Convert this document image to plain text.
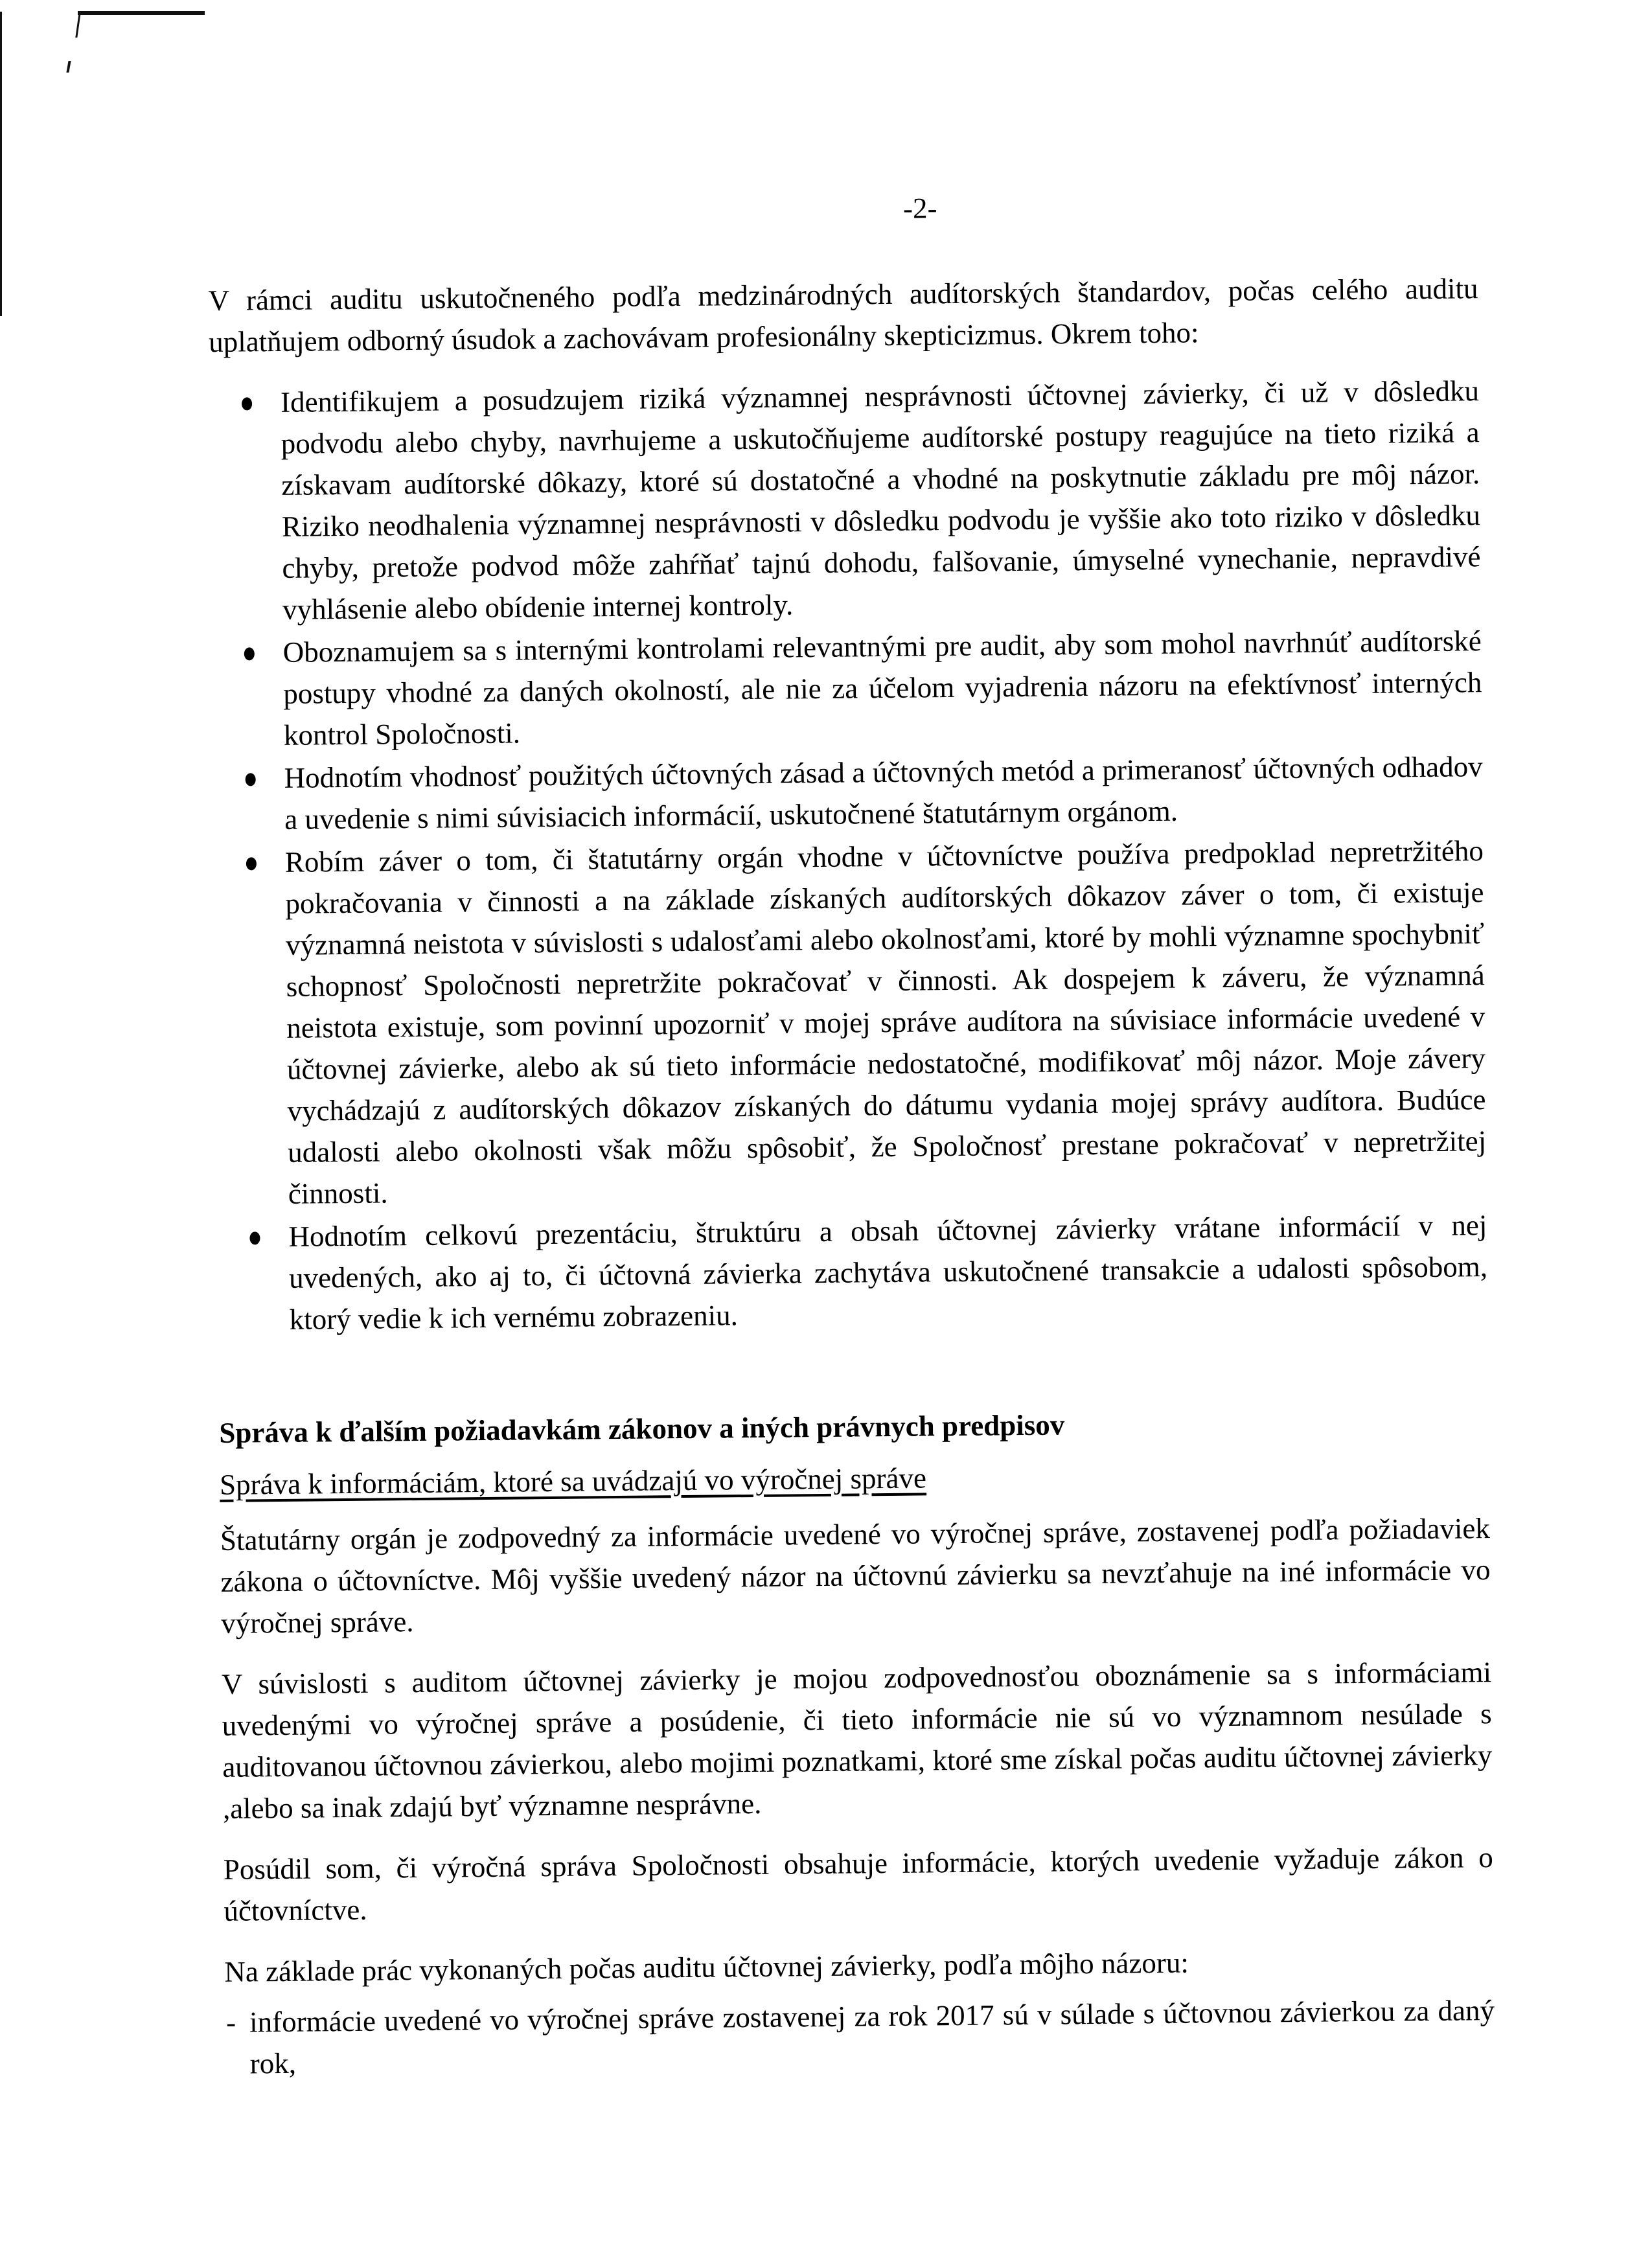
-2-

V rámci auditu uskutočneného podľa medzinárodných audítorských štandardov, počas celého auditu uplatňujem odborný úsudok a zachovávam profesionálny skepticizmus. Okrem toho:

Identifikujem a posudzujem riziká významnej nesprávnosti účtovnej závierky, či už v dôsledku podvodu alebo chyby, navrhujeme a uskutočňujeme audítorské postupy reagujúce na tieto riziká a získavam audítorské dôkazy, ktoré sú dostatočné a vhodné na poskytnutie základu pre môj názor. Riziko neodhalenia významnej nesprávnosti v dôsledku podvodu je vyššie ako toto riziko v dôsledku chyby, pretože podvod môže zahŕňať tajnú dohodu, falšovanie, úmyselné vynechanie, nepravdivé vyhlásenie alebo obídenie internej kontroly.
Oboznamujem sa s internými kontrolami relevantnými pre audit, aby som mohol navrhnúť audítorské postupy vhodné za daných okolností, ale nie za účelom vyjadrenia názoru na efektívnosť interných kontrol Spoločnosti.
Hodnotím vhodnosť použitých účtovných zásad a účtovných metód a primeranosť účtovných odhadov a uvedenie s nimi súvisiacich informácií, uskutočnené štatutárnym orgánom.
Robím záver o tom, či štatutárny orgán vhodne v účtovníctve používa predpoklad nepretržitého pokračovania v činnosti a na základe získaných audítorských dôkazov záver o tom, či existuje významná neistota v súvislosti s udalosťami alebo okolnosťami, ktoré by mohli významne spochybniť schopnosť Spoločnosti nepretržite pokračovať v činnosti. Ak dospejem k záveru, že významná neistota existuje, som povinní upozorniť v mojej správe audítora na súvisiace informácie uvedené v účtovnej závierke, alebo ak sú tieto informácie nedostatočné, modifikovať môj názor. Moje závery vychádzajú z audítorských dôkazov získaných do dátumu vydania mojej správy audítora. Budúce udalosti alebo okolnosti však môžu spôsobiť, že Spoločnosť prestane pokračovať v nepretržitej činnosti.
Hodnotím celkovú prezentáciu, štruktúru a obsah účtovnej závierky vrátane informácií v nej uvedených, ako aj to, či účtovná závierka zachytáva uskutočnené transakcie a udalosti spôsobom, ktorý vedie k ich vernému zobrazeniu.
Správa k ďalším požiadavkám zákonov a iných právnych predpisov
Správa k informáciám, ktoré sa uvádzajú vo výročnej správe

Štatutárny orgán je zodpovedný za informácie uvedené vo výročnej správe, zostavenej podľa požiadaviek zákona o účtovníctve. Môj vyššie uvedený názor na účtovnú závierku sa nevzťahuje na iné informácie vo výročnej správe.

V súvislosti s auditom účtovnej závierky je mojou zodpovednosťou oboznámenie sa s informáciami uvedenými vo výročnej správe a posúdenie, či tieto informácie nie sú vo významnom nesúlade s auditovanou účtovnou závierkou, alebo mojimi poznatkami, ktoré sme získal počas auditu účtovnej závierky ,alebo sa inak zdajú byť významne nesprávne.

Posúdil som, či výročná správa Spoločnosti obsahuje informácie, ktorých uvedenie vyžaduje zákon o účtovníctve.

Na základe prác vykonaných počas auditu účtovnej závierky, podľa môjho názoru:

- informácie uvedené vo výročnej správe zostavenej za rok 2017 sú v súlade s účtovnou závierkou za daný rok,
